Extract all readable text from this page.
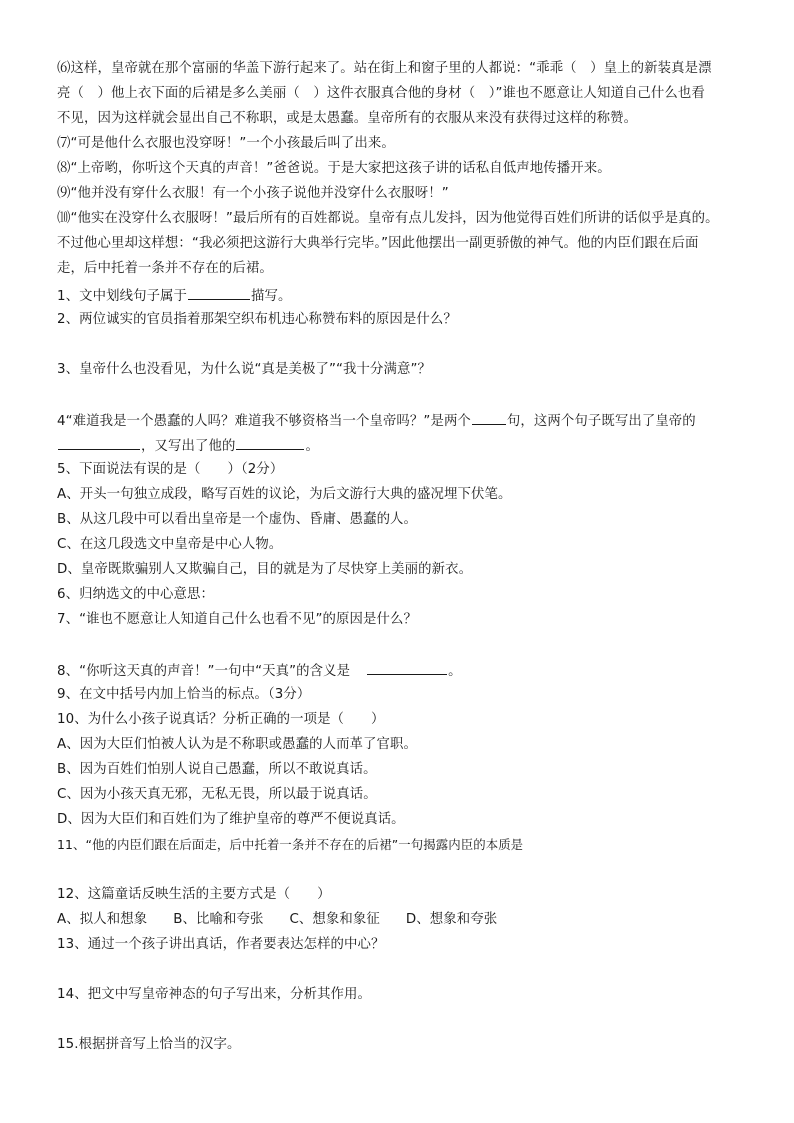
⑹这样，皇帝就在那个富丽的华盖下游行起来了。站在街上和窗子里的人都说：“乖乖（　）皇上的新装真是漂
亮（　）他上衣下面的后裙是多么美丽（　）这件衣服真合他的身材（　）”谁也不愿意让人知道自己什么也看
不见，因为这样就会显出自己不称职，或是太愚蠢。皇帝所有的衣服从来没有获得过这样的称赞。
⑺“可是他什么衣服也没穿呀！”一个小孩最后叫了出来。
⑻“上帝哟，你听这个天真的声音！”爸爸说。于是大家把这孩子讲的话私自低声地传播开来。
⑼“他并没有穿什么衣服！有一个小孩子说他并没穿什么衣服呀！”
⑽“他实在没穿什么衣服呀！”最后所有的百姓都说。皇帝有点儿发抖，因为他觉得百姓们所讲的话似乎是真的。
不过他心里却这样想：“我必须把这游行大典举行完毕。”因此他摆出一副更骄傲的神气。他的内臣们跟在后面
走，后中托着一条并不存在的后裙。
1、文中划线句子属于	描写。
2、两位诚实的官员指着那架空织布机违心称赞布料的原因是什么？
3、皇帝什么也没看见，为什么说“真是美极了”“我十分满意”？
4“难道我是一个愚蠢的人吗？难道我不够资格当一个皇帝吗？”是两个	句，这两个句子既写出了皇帝的
，又写出了他的	。
5、下面说法有误的是（　　）（2分）
A、开头一句独立成段，略写百姓的议论，为后文游行大典的盛况埋下伏笔。
B、从这几段中可以看出皇帝是一个虚伪、昏庸、愚蠢的人。
C、在这几段选文中皇帝是中心人物。
D、皇帝既欺骗别人又欺骗自己，目的就是为了尽快穿上美丽的新衣。
6、归纳选文的中心意思：
7、“谁也不愿意让人知道自己什么也看不见”的原因是什么？
8、“你听这天真的声音！”一句中“天真”的含义是	。
9、在文中括号内加上恰当的标点。（3分）
10、为什么小孩子说真话？分析正确的一项是（　　）
A、因为大臣们怕被人认为是不称职或愚蠢的人而革了官职。
B、因为百姓们怕别人说自己愚蠢，所以不敢说真话。
C、因为小孩天真无邪，无私无畏，所以最于说真话。
D、因为大臣们和百姓们为了维护皇帝的尊严不便说真话。
11、“他的内臣们跟在后面走，后中托着一条并不存在的后裙”一句揭露内臣的本质是
12、这篇童话反映生活的主要方式是（　　）
A、拟人和想象 B、比喻和夸张 C、想象和象征 D、想象和夸张
13、通过一个孩子讲出真话，作者要表达怎样的中心？
14、把文中写皇帝神态的句子写出来，分析其作用。
15.根据拼音写上恰当的汉字。
